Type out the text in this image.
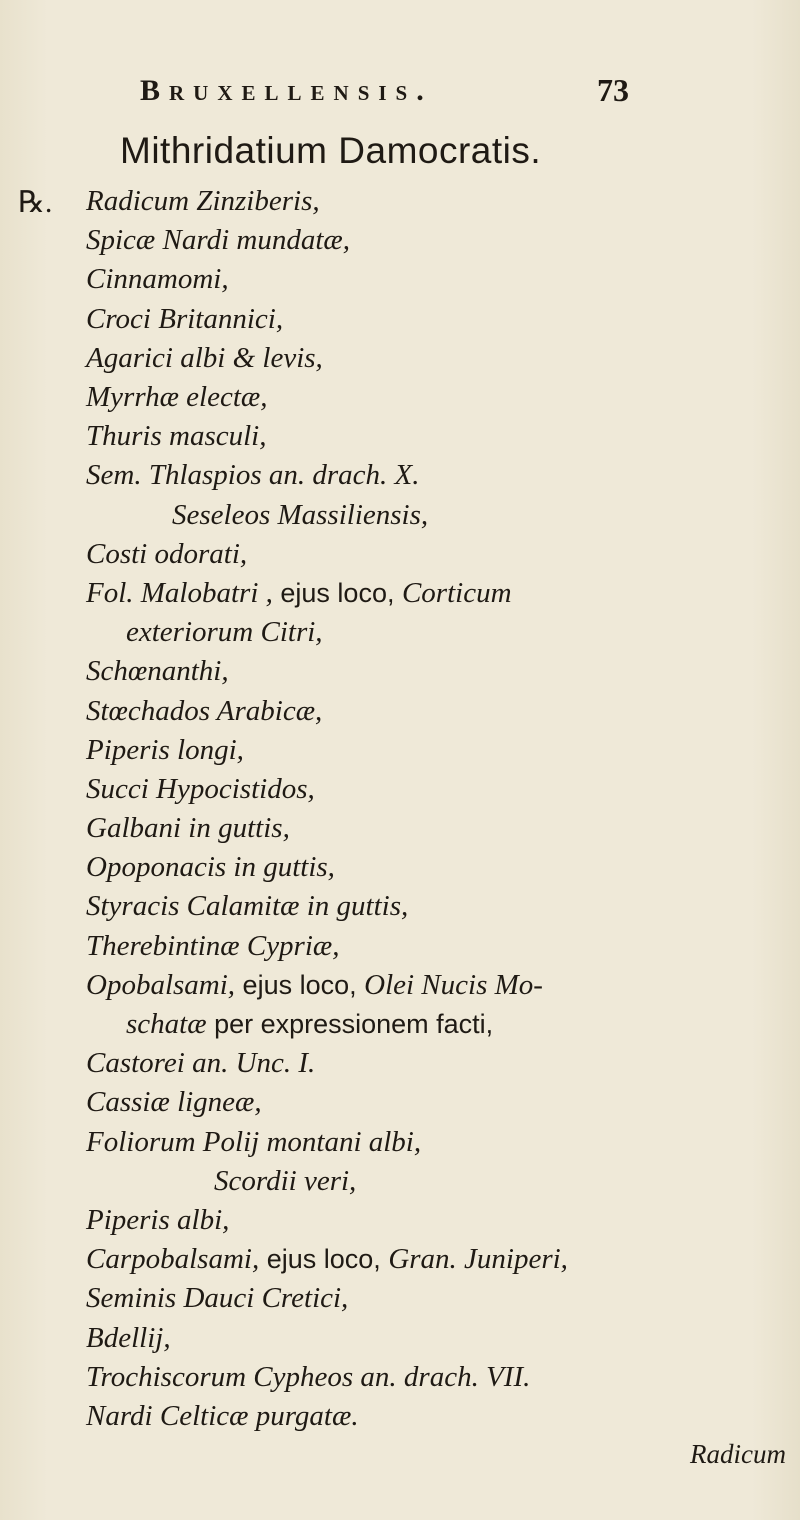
Bruxellensis.	73
Mithridatium Damocratis.
℞. Radicum Zinziberis,
Spicæ Nardi mundatæ,
Cinnamomi,
Croci Britannici,
Agarici albi & levis,
Myrrhæ electæ,
Thuris masculi,
Sem. Thlaspios an. drach. X.
Seseleos Massiliensis,
Costi odorati,
Fol. Malobatri , ejus loco, Corticum
exteriorum Citri,
Schœnanthi,
Stœchados Arabicæ,
Piperis longi,
Succi Hypocistidos,
Galbani in guttis,
Opoponacis in guttis,
Styracis Calamitæ in guttis,
Therebintinæ Cypriæ,
Opobalsami, ejus loco, Olei Nucis Mo-
schatæ per expressionem facti,
Castorei an. Unc. I.
Cassiæ ligneæ,
Foliorum Polij montani albi,
Scordii veri,
Piperis albi,
Carpobalsami, ejus loco, Gran. Juniperi,
Seminis Dauci Cretici,
Bdellij,
Trochiscorum Cypheos an. drach. VII.
Nardi Celticæ purgatæ.
Radicum
